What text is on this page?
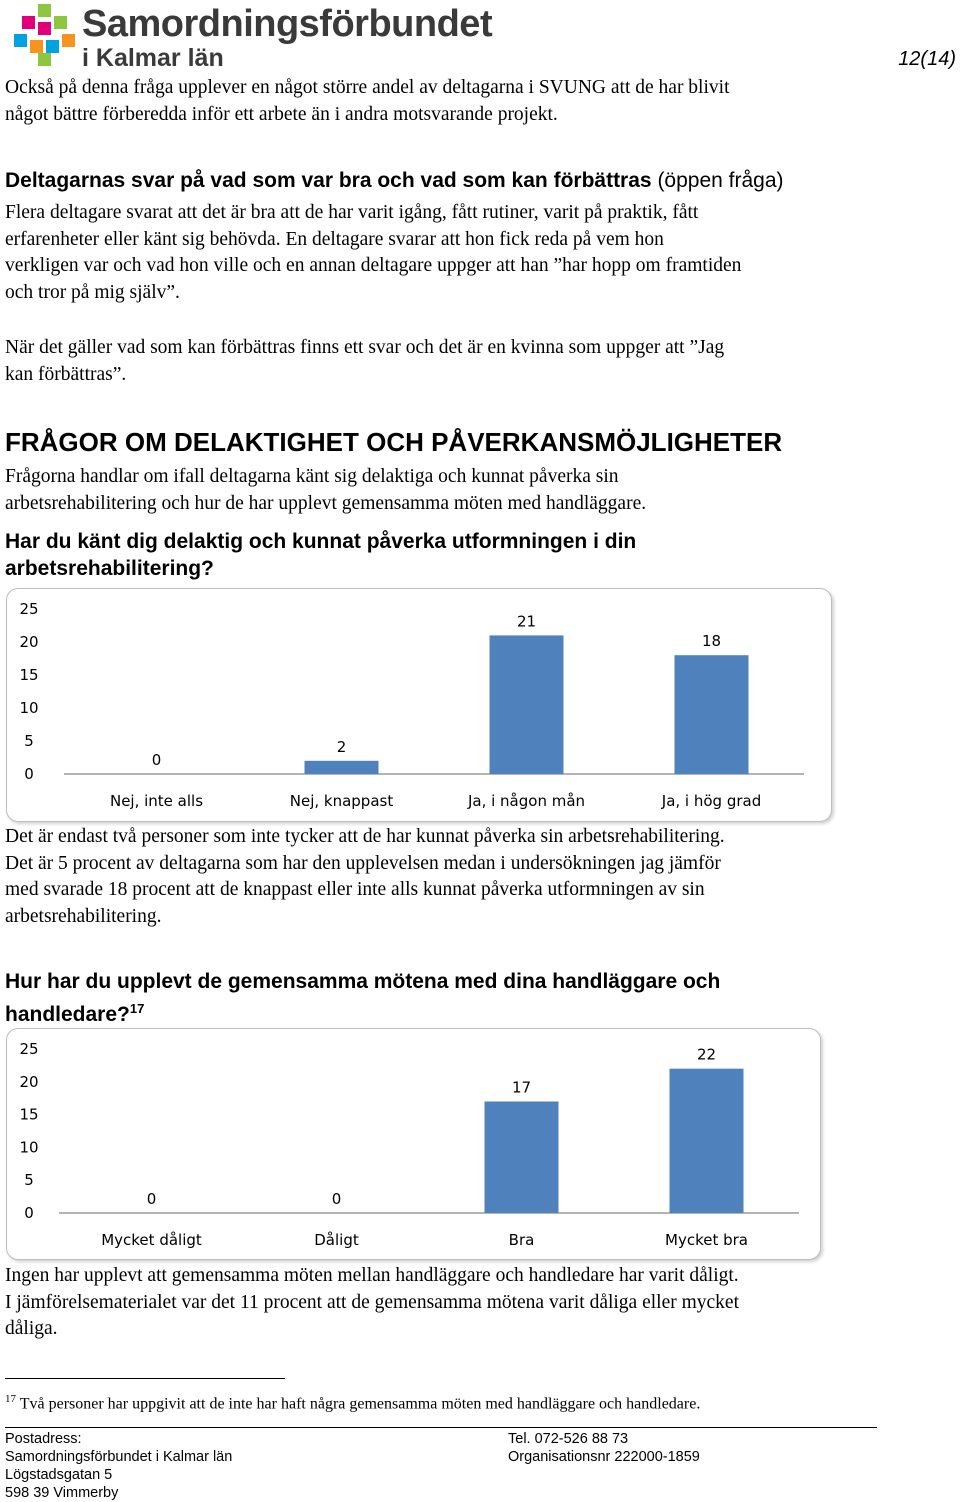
Samordningsförbundet
i Kalmar län	12(14)
Också på denna fråga upplever en något större andel av deltagarna i SVUNG att de har blivit
något bättre förberedda inför ett arbete än i andra motsvarande projekt.
Deltagarnas svar på vad som var bra och vad som kan förbättras (öppen fråga)
Flera deltagare svarat att det är bra att de har varit igång, fått rutiner, varit på praktik, fått
erfarenheter eller känt sig behövda. En deltagare svarar att hon fick reda på vem hon
verkligen var och vad hon ville och en annan deltagare uppger att han ”har hopp om framtiden
och tror på mig själv”.
När det gäller vad som kan förbättras finns ett svar och det är en kvinna som uppger att ”Jag
kan förbättras”.
FRÅGOR OM DELAKTIGHET OCH PÅVERKANSMÖJLIGHETER
Frågorna handlar om ifall deltagarna känt sig delaktiga och kunnat påverka sin
arbetsrehabilitering och hur de har upplevt gemensamma möten med handläggare.
Har du känt dig delaktig och kunnat påverka utformningen i din
arbetsrehabilitering?
0
5
10
15
20
25
0
Nej, inte alls
2
Nej, knappast
21
Ja, i någon mån
18
Ja, i hög grad
Det är endast två personer som inte tycker att de har kunnat påverka sin arbetsrehabilitering.
Det är 5 procent av deltagarna som har den upplevelsen medan i undersökningen jag jämför
med svarade 18 procent att de knappast eller inte alls kunnat påverka utformningen av sin
arbetsrehabilitering.
Hur har du upplevt de gemensamma mötena med dina handläggare och
handledare?$^{17}$
0
5
10
15
20
25
0
Mycket dåligt
0
Dåligt
17
Bra
22
Mycket bra
Ingen har upplevt att gemensamma möten mellan handläggare och handledare har varit dåligt.
I jämförelsematerialet var det 11 procent att de gemensamma mötena varit dåliga eller mycket
dåliga.
$^{17}$ Två personer har uppgivit att de inte har haft några gemensamma möten med handläggare och handledare.
Postadress:
Samordningsförbundet i Kalmar län
Lögstadsgatan 5
598 39 Vimmerby
Tel. 072-526 88 73
Organisationsnr 222000-1859
